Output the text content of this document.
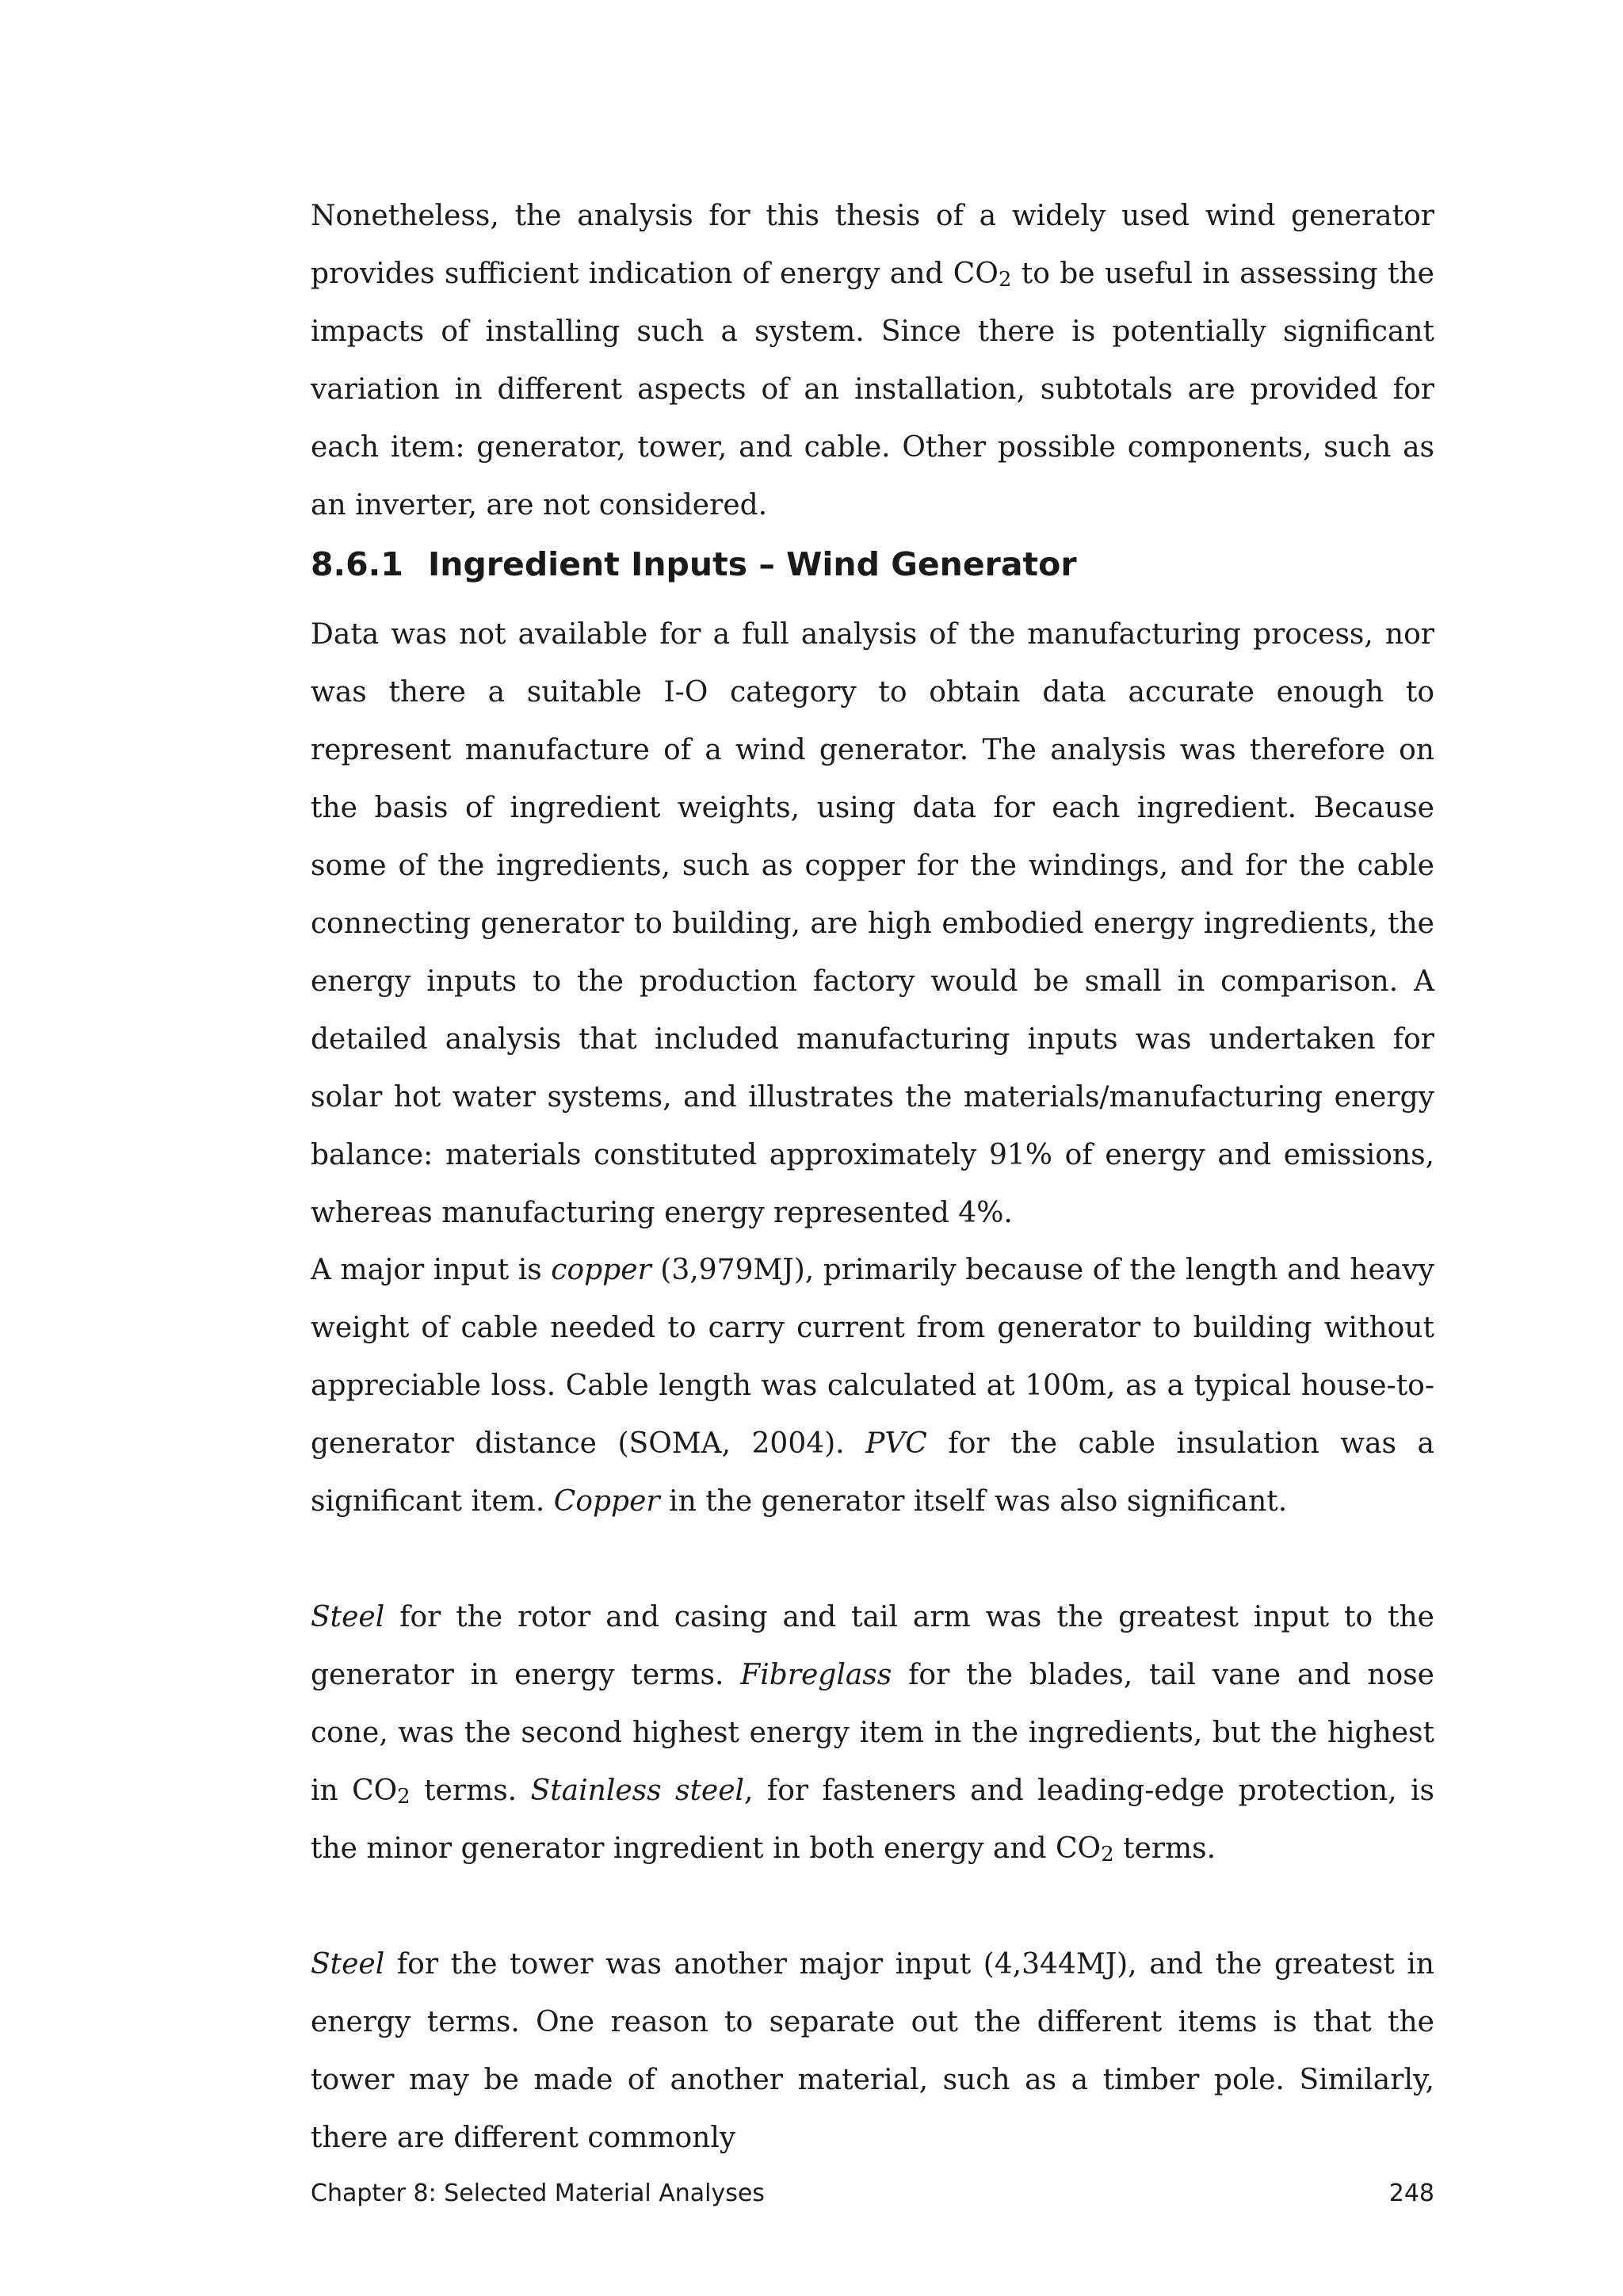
Nonetheless, the analysis for this thesis of a widely used wind generator provides sufficient indication of energy and $CO_2$ to be useful in assessing the impacts of installing such a system. Since there is potentially significant variation in different aspects of an installation, subtotals are provided for each item: generator, tower, and cable. Other possible components, such as an inverter, are not considered.

8.6.1 Ingredient Inputs – Wind Generator

Data was not available for a full analysis of the manufacturing process, nor was there a suitable I-O category to obtain data accurate enough to represent manufacture of a wind generator. The analysis was therefore on the basis of ingredient weights, using data for each ingredient. Because some of the ingredients, such as copper for the windings, and for the cable connecting generator to building, are high embodied energy ingredients, the energy inputs to the production factory would be small in comparison. A detailed analysis that included manufacturing inputs was undertaken for solar hot water systems, and illustrates the materials/manufacturing energy balance: materials constituted approximately 91% of energy and emissions, whereas manufacturing energy represented 4%.

A major input is copper (3,979MJ), primarily because of the length and heavy weight of cable needed to carry current from generator to building without appreciable loss. Cable length was calculated at 100m, as a typical house-to-generator distance (SOMA, 2004). PVC for the cable insulation was a significant item. Copper in the generator itself was also significant.

Steel for the rotor and casing and tail arm was the greatest input to the generator in energy terms. Fibreglass for the blades, tail vane and nose cone, was the second highest energy item in the ingredients, but the highest in $CO_2$ terms. Stainless steel, for fasteners and leading-edge protection, is the minor generator ingredient in both energy and $CO_2$ terms.

Steel for the tower was another major input (4,344MJ), and the greatest in energy terms. One reason to separate out the different items is that the tower may be made of another material, such as a timber pole. Similarly, there are different commonly

Chapter 8: Selected Material Analyses	248
